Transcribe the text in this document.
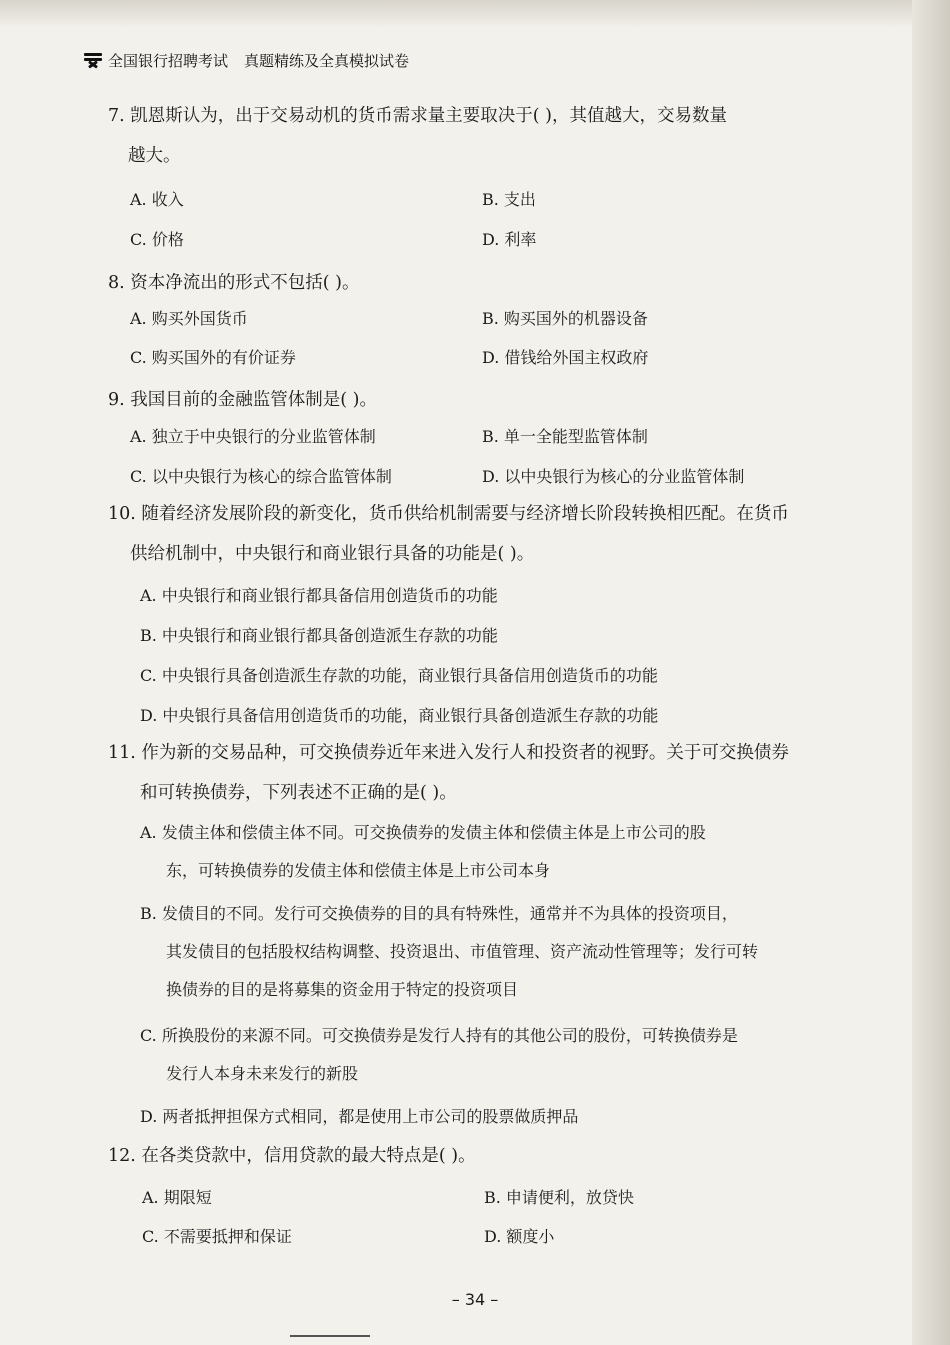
全国银行招聘考试 真题精练及全真模拟试卷
7. 凯恩斯认为，出于交易动机的货币需求量主要取决于( )，其值越大，交易数量
越大。
A. 收入	B. 支出
C. 价格	D. 利率
8. 资本净流出的形式不包括( )。
A. 购买外国货币	B. 购买国外的机器设备
C. 购买国外的有价证券	D. 借钱给外国主权政府
9. 我国目前的金融监管体制是( )。
A. 独立于中央银行的分业监管体制	B. 单一全能型监管体制
C. 以中央银行为核心的综合监管体制	D. 以中央银行为核心的分业监管体制
10. 随着经济发展阶段的新变化，货币供给机制需要与经济增长阶段转换相匹配。在货币
供给机制中，中央银行和商业银行具备的功能是( )。
A. 中央银行和商业银行都具备信用创造货币的功能
B. 中央银行和商业银行都具备创造派生存款的功能
C. 中央银行具备创造派生存款的功能，商业银行具备信用创造货币的功能
D. 中央银行具备信用创造货币的功能，商业银行具备创造派生存款的功能
11. 作为新的交易品种，可交换债券近年来进入发行人和投资者的视野。关于可交换债券
和可转换债券，下列表述不正确的是( )。
A. 发债主体和偿债主体不同。可交换债券的发债主体和偿债主体是上市公司的股
东，可转换债券的发债主体和偿债主体是上市公司本身
B. 发债目的不同。发行可交换债券的目的具有特殊性，通常并不为具体的投资项目，
其发债目的包括股权结构调整、投资退出、市值管理、资产流动性管理等；发行可转
换债券的目的是将募集的资金用于特定的投资项目
C. 所换股份的来源不同。可交换债券是发行人持有的其他公司的股份，可转换债券是
发行人本身未来发行的新股
D. 两者抵押担保方式相同，都是使用上市公司的股票做质押品
12. 在各类贷款中，信用贷款的最大特点是( )。
A. 期限短	B. 申请便利，放贷快
C. 不需要抵押和保证	D. 额度小
– 34 –
